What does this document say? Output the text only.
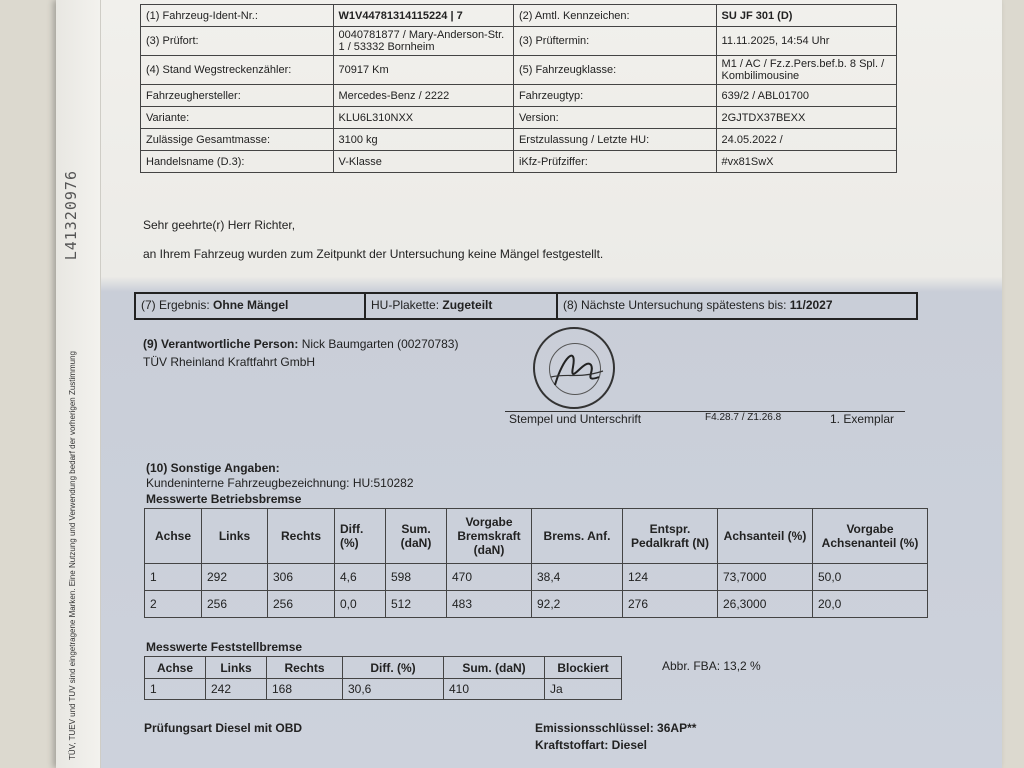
L41320976
TÜV, TUEV und TUV sind eingetragene Marken. Eine Nutzung und Verwendung bedarf der vorherigen Zustimmung
(1) Fahrzeug-Ident-Nr.:	W1V44781314115224 | 7	(2) Amtl. Kennzeichen:	SU JF 301 (D)
(3) Prüfort:	0040781877 / Mary-Anderson-Str. 1 / 53332 Bornheim	(3) Prüftermin:	11.11.2025, 14:54 Uhr
(4) Stand Wegstreckenzähler:	70917 Km	(5) Fahrzeugklasse:	M1 / AC / Fz.z.Pers.bef.b. 8 Spl. / Kombilimousine
Fahrzeughersteller:	Mercedes-Benz / 2222	Fahrzeugtyp:	639/2 / ABL01700
Variante:	KLU6L310NXX	Version:	2GJTDX37BEXX
Zulässige Gesamtmasse:	3100 kg	Erstzulassung / Letzte HU:	24.05.2022 /
Handelsname (D.3):	V-Klasse	iKfz-Prüfziffer:	#vx81SwX
Sehr geehrte(r) Herr Richter,
an Ihrem Fahrzeug wurden zum Zeitpunkt der Untersuchung keine Mängel festgestellt.
(7) Ergebnis: Ohne Mängel	HU-Plakette: Zugeteilt	(8) Nächste Untersuchung spätestens bis: 11/2027
(9) Verantwortliche Person: Nick Baumgarten (00270783)
TÜV Rheinland Kraftfahrt GmbH
Stempel und Unterschrift	F4.28.7 / Z1.26.8	1. Exemplar
(10) Sonstige Angaben:
Kundeninterne Fahrzeugbezeichnung: HU:510282
Messwerte Betriebsbremse
Achse	Links	Rechts	Diff. (%)	Sum. (daN)	Vorgabe Bremskraft (daN)	Brems. Anf.	Entspr. Pedalkraft (N)	Achsanteil (%)	Vorgabe Achsenanteil (%)
1	292	306	4,6	598	470	38,4	124	73,7000	50,0
2	256	256	0,0	512	483	92,2	276	26,3000	20,0
Messwerte Feststellbremse
Achse	Links	Rechts	Diff. (%)	Sum. (daN)	Blockiert
1	242	168	30,6	410	Ja
Abbr. FBA: 13,2 %
Prüfungsart Diesel mit OBD	Emissionsschlüssel: 36AP**
Kraftstoffart: Diesel
